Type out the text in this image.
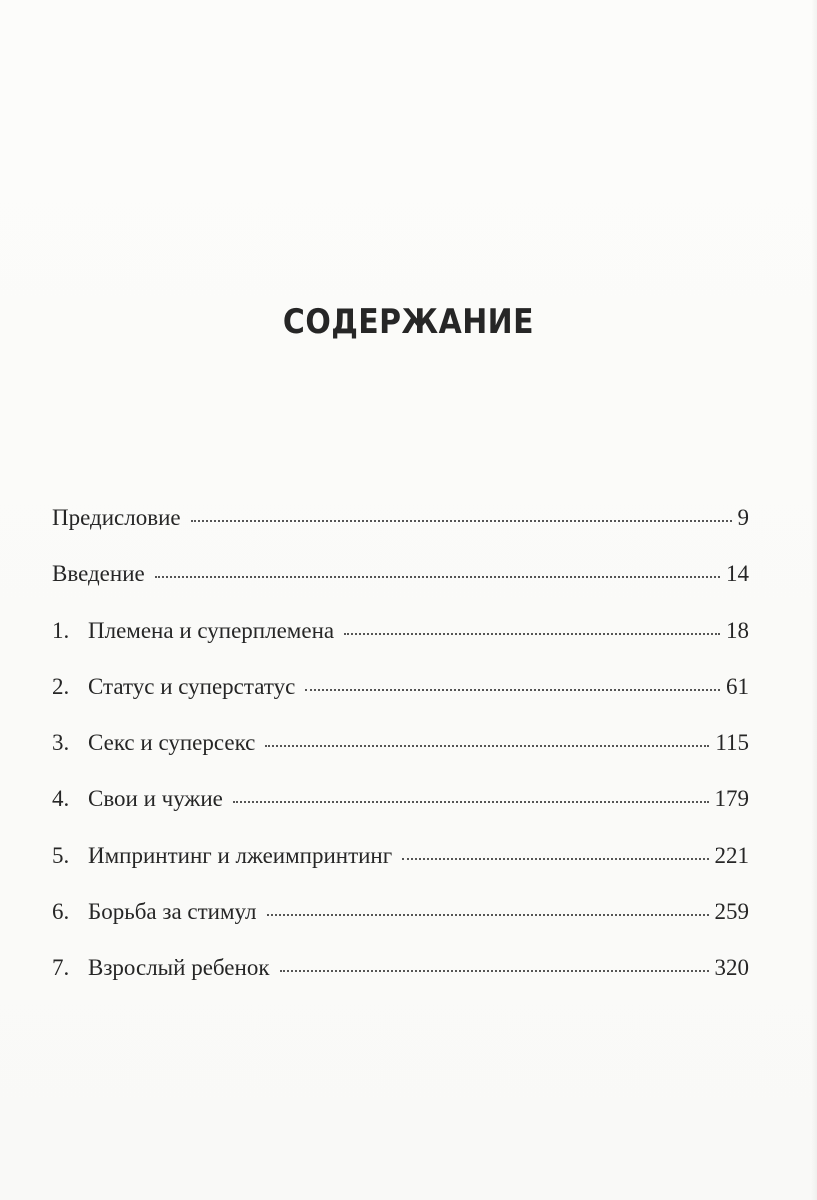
СОДЕРЖАНИЕ
Предисловие	9
Введение	14
1. Племена и суперплемена	18
2. Статус и суперстатус	61
3. Секс и суперсекс	115
4. Свои и чужие	179
5. Импринтинг и лжеимпринтинг	221
6. Борьба за стимул	259
7. Взрослый ребенок	320
